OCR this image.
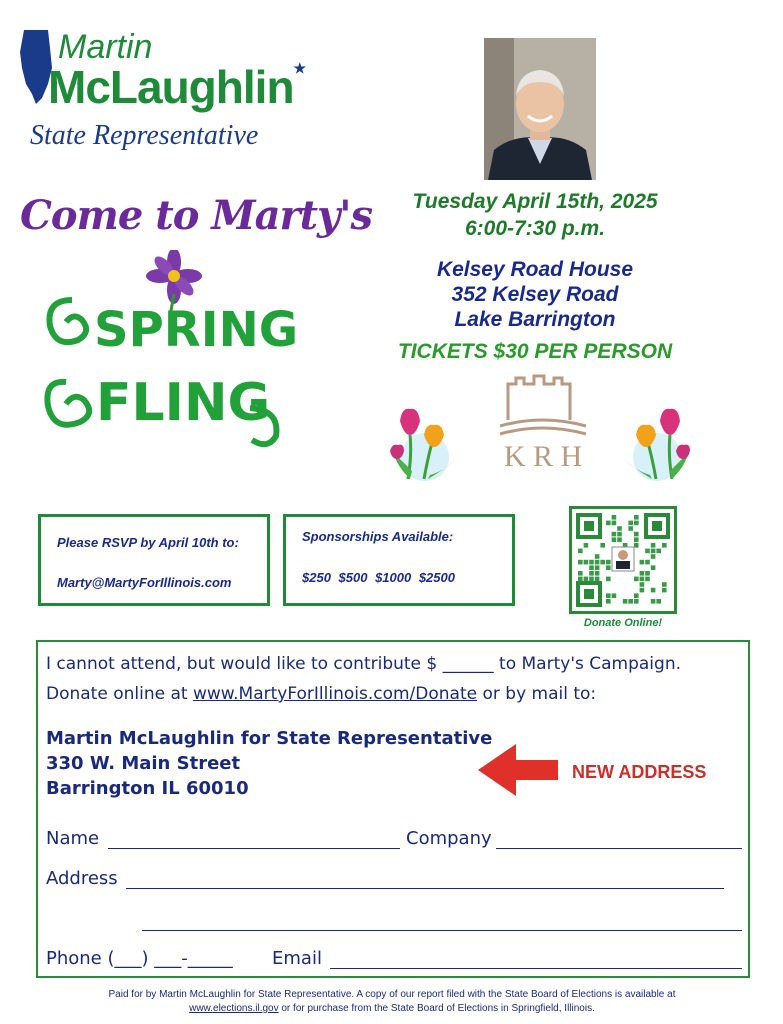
Martin
McLaughlin★
State Representative
Come to Marty's
SPRING
FLING
Tuesday April 15th, 2025
6:00-7:30 p.m.
Kelsey Road House
352 Kelsey Road
Lake Barrington
TICKETS $30 PER PERSON
K R H
Please RSVP by April 10th to:
Marty@MartyForIllinois.com
Sponsorships Available:
$250 $500 $1000 $2500
Donate Online!
I cannot attend, but would like to contribute $ ______ to Marty's Campaign.
Donate online at www.MartyForIllinois.com/Donate or by mail to:
Martin McLaughlin for State Representative
330 W. Main Street
Barrington IL 60010
NEW ADDRESS
Name	Company
Address
Phone (___) ___-_____ Email
Paid for by Martin McLaughlin for State Representative. A copy of our report filed with the State Board of Elections is available at
www.elections.il.gov or for purchase from the State Board of Elections in Springfield, Illinois.
